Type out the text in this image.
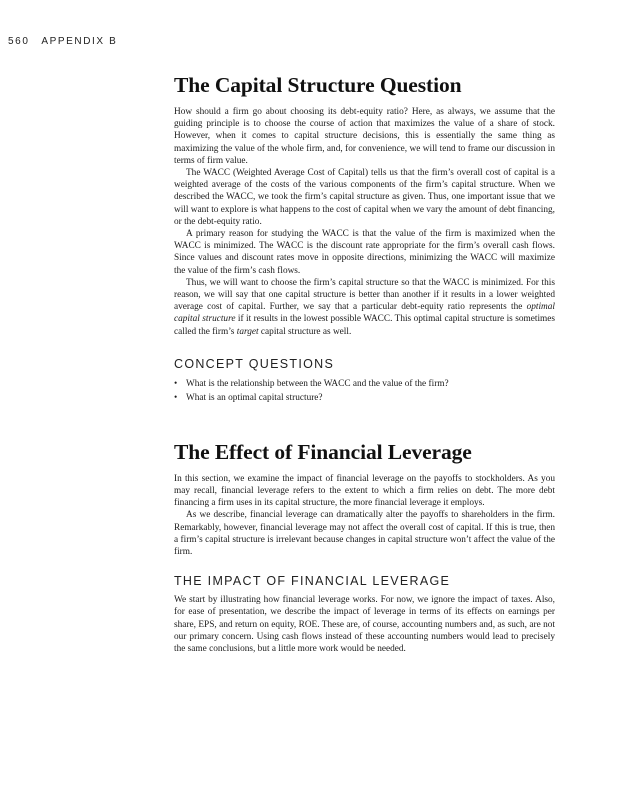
560 APPENDIX B
The Capital Structure Question

How should a firm go about choosing its debt-equity ratio? Here, as always, we assume that the guiding principle is to choose the course of action that maximizes the value of a share of stock. However, when it comes to capital structure decisions, this is essentially the same thing as maximizing the value of the whole firm, and, for convenience, we will tend to frame our discussion in terms of firm value.

The WACC (Weighted Average Cost of Capital) tells us that the firm’s overall cost of capital is a weighted average of the costs of the various components of the firm’s capital structure. When we described the WACC, we took the firm’s capital structure as given. Thus, one important issue that we will want to explore is what happens to the cost of capital when we vary the amount of debt financing, or the debt-equity ratio.

A primary reason for studying the WACC is that the value of the firm is maximized when the WACC is minimized. The WACC is the discount rate appropriate for the firm’s overall cash flows. Since values and discount rates move in opposite directions, minimizing the WACC will maximize the value of the firm’s cash flows.

Thus, we will want to choose the firm’s capital structure so that the WACC is minimized. For this reason, we will say that one capital structure is better than another if it results in a lower weighted average cost of capital. Further, we say that a particular debt-equity ratio represents the optimal capital structure if it results in the lowest possible WACC. This optimal capital structure is sometimes called the firm’s target capital structure as well.

CONCEPT QUESTIONS
• What is the relationship between the WACC and the value of the firm?
• What is an optimal capital structure?
The Effect of Financial Leverage

In this section, we examine the impact of financial leverage on the payoffs to stockholders. As you may recall, financial leverage refers to the extent to which a firm relies on debt. The more debt financing a firm uses in its capital structure, the more financial leverage it employs.

As we describe, financial leverage can dramatically alter the payoffs to shareholders in the firm. Remarkably, however, financial leverage may not affect the overall cost of capital. If this is true, then a firm’s capital structure is irrelevant because changes in capital structure won’t affect the value of the firm.

THE IMPACT OF FINANCIAL LEVERAGE

We start by illustrating how financial leverage works. For now, we ignore the impact of taxes. Also, for ease of presentation, we describe the impact of leverage in terms of its effects on earnings per share, EPS, and return on equity, ROE. These are, of course, accounting numbers and, as such, are not our primary concern. Using cash flows instead of these accounting numbers would lead to precisely the same conclusions, but a little more work would be needed.
